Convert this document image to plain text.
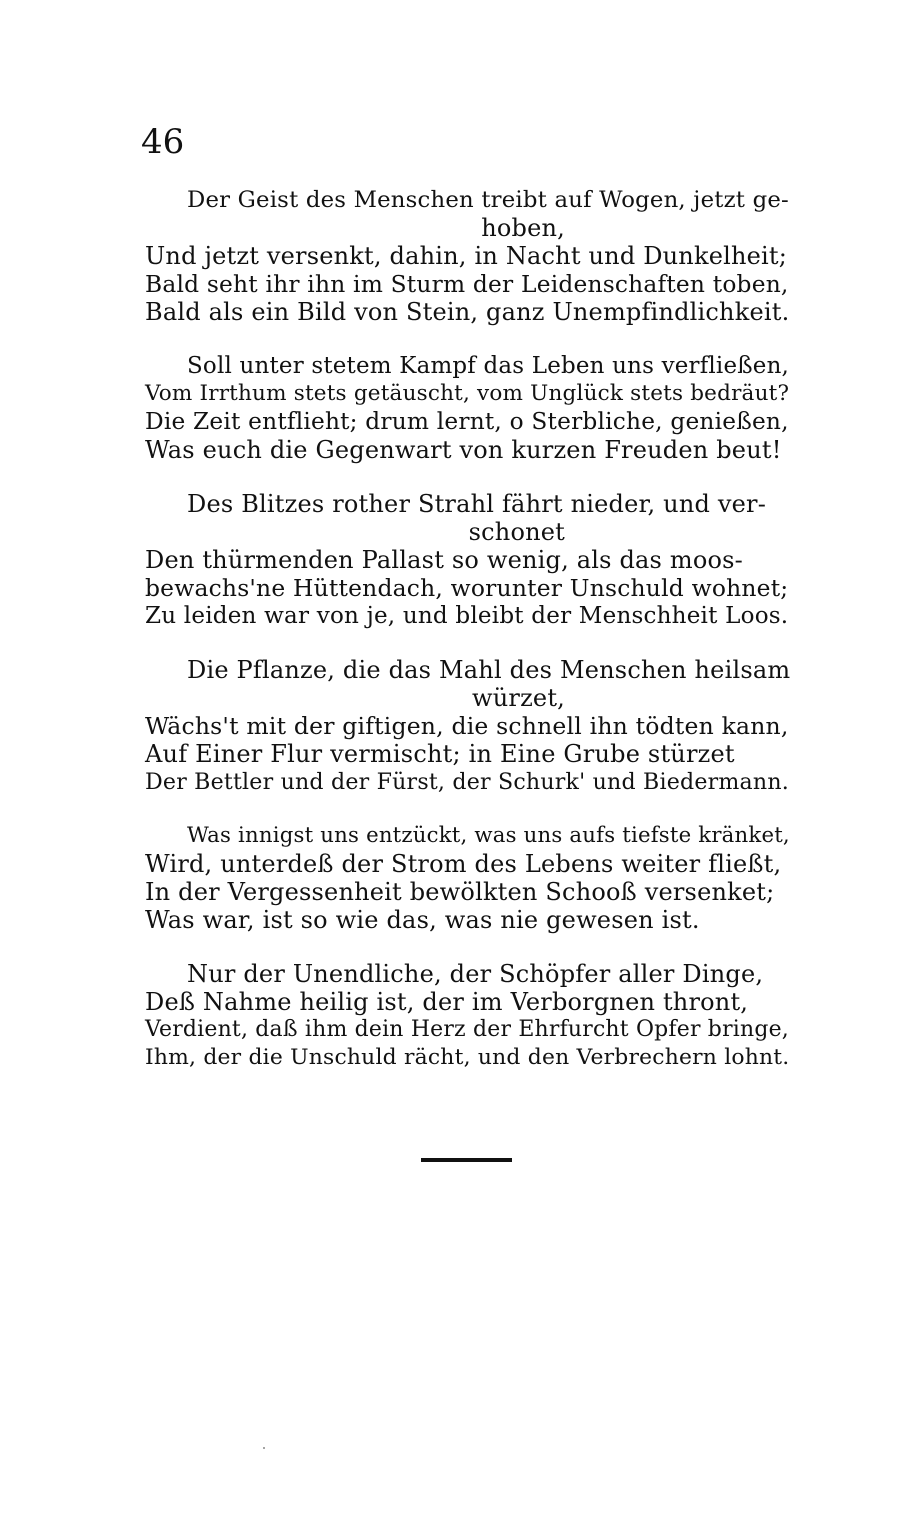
46
Der Geist des Menschen treibt auf Wogen, jetzt ge-
hoben,
Und jetzt versenkt, dahin, in Nacht und Dunkelheit;
Bald seht ihr ihn im Sturm der Leidenschaften toben,
Bald als ein Bild von Stein, ganz Unempfindlichkeit.
Soll unter stetem Kampf das Leben uns verfließen,
Vom Irrthum stets getäuscht, vom Unglück stets bedräut?
Die Zeit entflieht; drum lernt, o Sterbliche, genießen,
Was euch die Gegenwart von kurzen Freuden beut!
Des Blitzes rother Strahl fährt nieder, und ver-
schonet
Den thürmenden Pallast so wenig, als das moos-
bewachs'ne Hüttendach, worunter Unschuld wohnet;
Zu leiden war von je, und bleibt der Menschheit Loos.
Die Pflanze, die das Mahl des Menschen heilsam
würzet,
Wächs't mit der giftigen, die schnell ihn tödten kann,
Auf Einer Flur vermischt; in Eine Grube stürzet
Der Bettler und der Fürst, der Schurk' und Biedermann.
Was innigst uns entzückt, was uns aufs tiefste kränket,
Wird, unterdeß der Strom des Lebens weiter fließt,
In der Vergessenheit bewölkten Schooß versenket;
Was war, ist so wie das, was nie gewesen ist.
Nur der Unendliche, der Schöpfer aller Dinge,
Deß Nahme heilig ist, der im Verborgnen thront,
Verdient, daß ihm dein Herz der Ehrfurcht Opfer bringe,
Ihm, der die Unschuld rächt, und den Verbrechern lohnt.
